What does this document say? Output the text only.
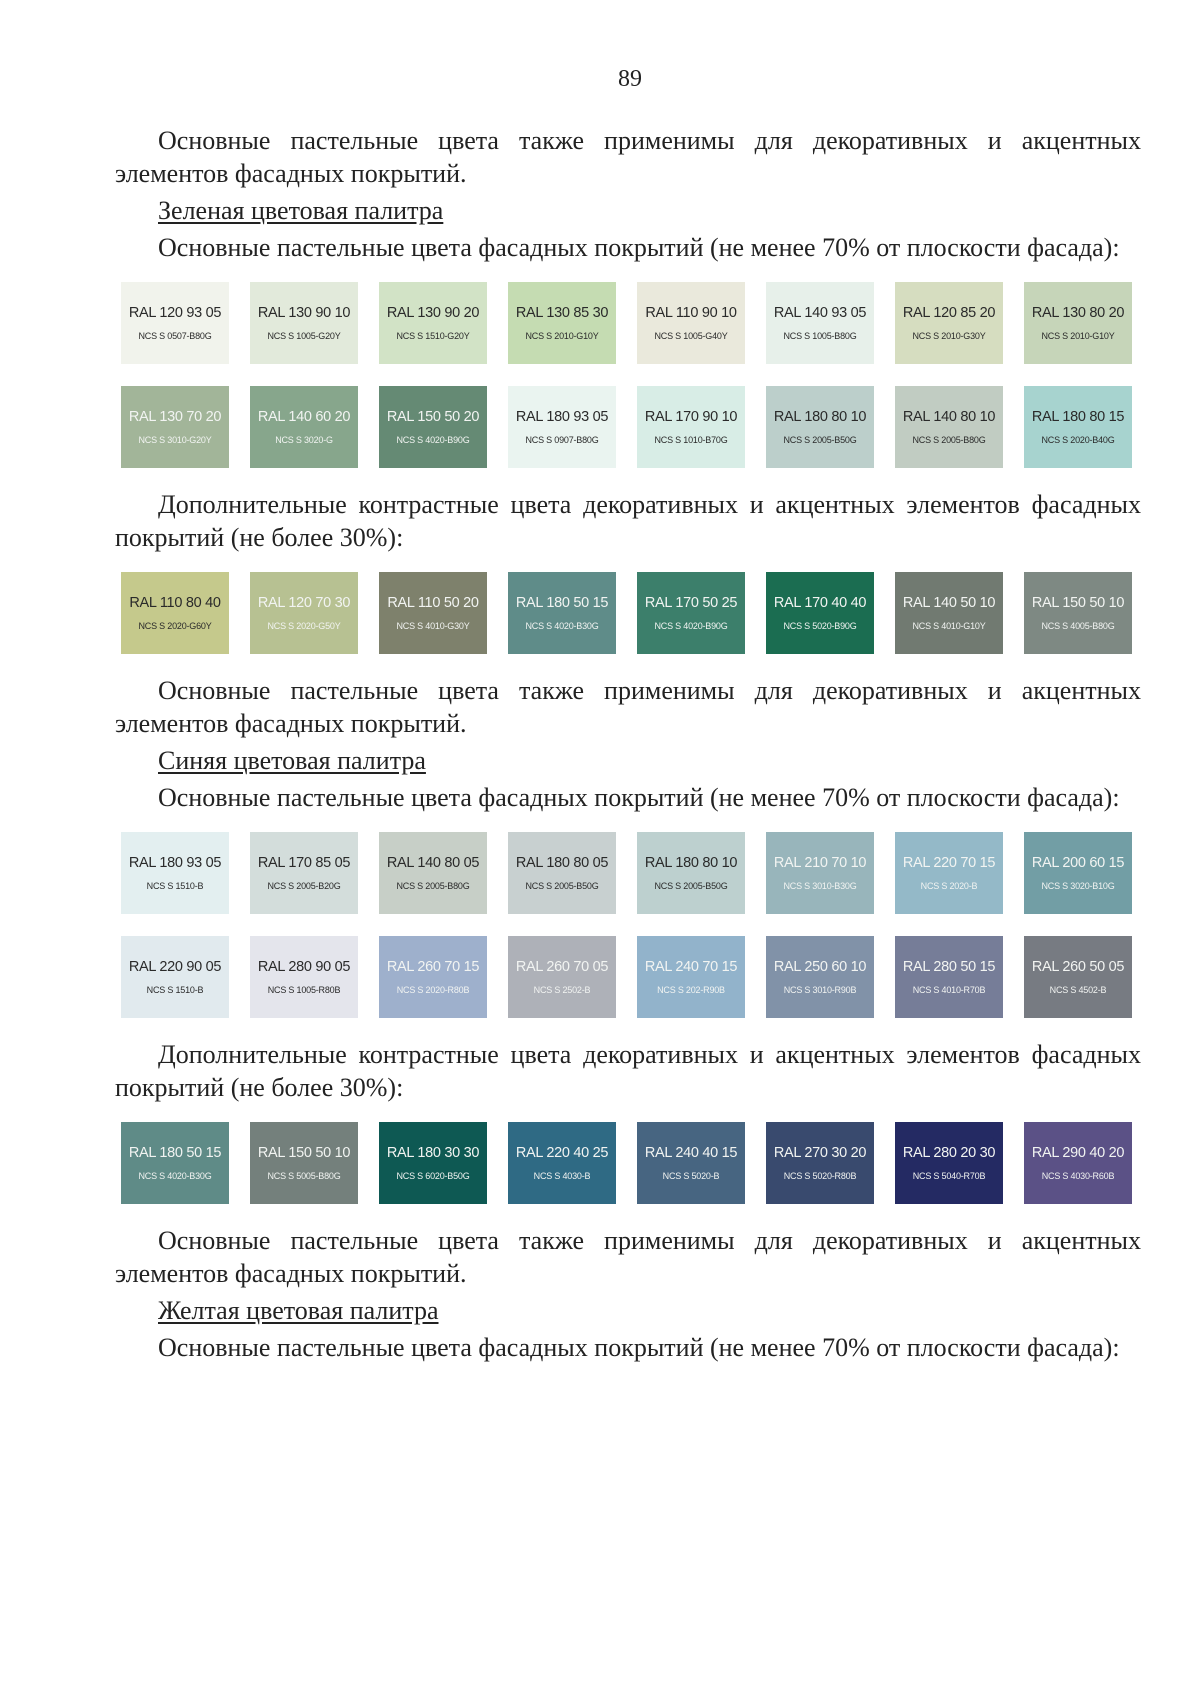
89

Основные пастельные цвета также применимы для декоративных и акцентных элементов фасадных покрытий.

Зеленая цветовая палитра

Основные пастельные цвета фасадных покрытий (не менее 70% от плоскости фасада):

RAL 120 93 05
NCS S 0507-B80G
RAL 130 90 10
NCS S 1005-G20Y
RAL 130 90 20
NCS S 1510-G20Y
RAL 130 85 30
NCS S 2010-G10Y
RAL 110 90 10
NCS S 1005-G40Y
RAL 140 93 05
NCS S 1005-B80G
RAL 120 85 20
NCS S 2010-G30Y
RAL 130 80 20
NCS S 2010-G10Y
RAL 130 70 20
NCS S 3010-G20Y
RAL 140 60 20
NCS S 3020-G
RAL 150 50 20
NCS S 4020-B90G
RAL 180 93 05
NCS S 0907-B80G
RAL 170 90 10
NCS S 1010-B70G
RAL 180 80 10
NCS S 2005-B50G
RAL 140 80 10
NCS S 2005-B80G
RAL 180 80 15
NCS S 2020-B40G

Дополнительные контрастные цвета декоративных и акцентных элементов фасадных покрытий (не более 30%):

RAL 110 80 40
NCS S 2020-G60Y
RAL 120 70 30
NCS S 2020-G50Y
RAL 110 50 20
NCS S 4010-G30Y
RAL 180 50 15
NCS S 4020-B30G
RAL 170 50 25
NCS S 4020-B90G
RAL 170 40 40
NCS S 5020-B90G
RAL 140 50 10
NCS S 4010-G10Y
RAL 150 50 10
NCS S 4005-B80G

Основные пастельные цвета также применимы для декоративных и акцентных элементов фасадных покрытий.

Синяя цветовая палитра

Основные пастельные цвета фасадных покрытий (не менее 70% от плоскости фасада):

RAL 180 93 05
NCS S 1510-B
RAL 170 85 05
NCS S 2005-B20G
RAL 140 80 05
NCS S 2005-B80G
RAL 180 80 05
NCS S 2005-B50G
RAL 180 80 10
NCS S 2005-B50G
RAL 210 70 10
NCS S 3010-B30G
RAL 220 70 15
NCS S 2020-B
RAL 200 60 15
NCS S 3020-B10G
RAL 220 90 05
NCS S 1510-B
RAL 280 90 05
NCS S 1005-R80B
RAL 260 70 15
NCS S 2020-R80B
RAL 260 70 05
NCS S 2502-B
RAL 240 70 15
NCS S 202-R90B
RAL 250 60 10
NCS S 3010-R90B
RAL 280 50 15
NCS S 4010-R70B
RAL 260 50 05
NCS S 4502-B

Дополнительные контрастные цвета декоративных и акцентных элементов фасадных покрытий (не более 30%):

RAL 180 50 15
NCS S 4020-B30G
RAL 150 50 10
NCS S 5005-B80G
RAL 180 30 30
NCS S 6020-B50G
RAL 220 40 25
NCS S 4030-B
RAL 240 40 15
NCS S 5020-B
RAL 270 30 20
NCS S 5020-R80B
RAL 280 20 30
NCS S 5040-R70B
RAL 290 40 20
NCS S 4030-R60B

Основные пастельные цвета также применимы для декоративных и акцентных элементов фасадных покрытий.

Желтая цветовая палитра

Основные пастельные цвета фасадных покрытий (не менее 70% от плоскости фасада):
